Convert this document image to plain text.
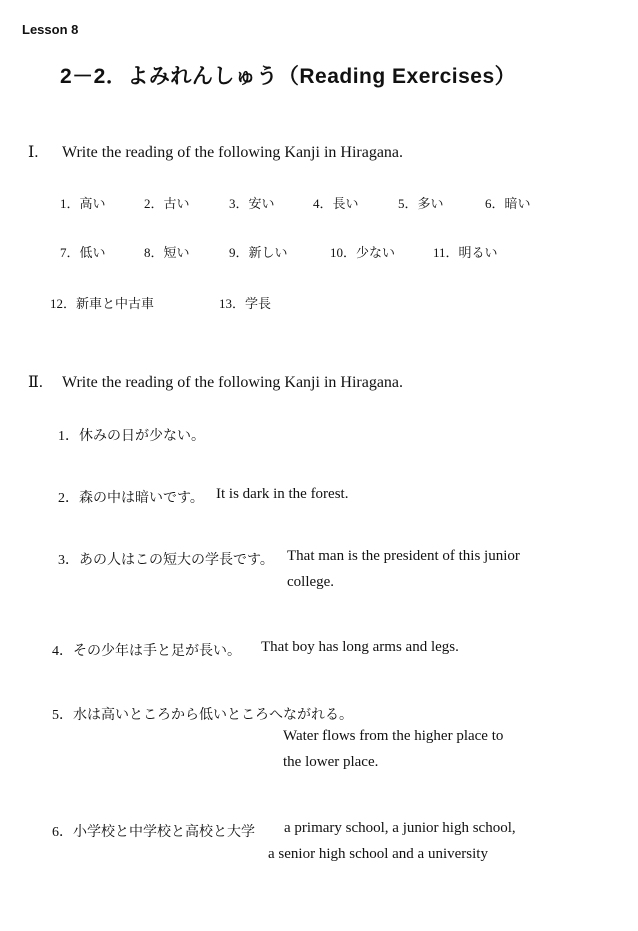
Lesson 8
2－2．よみれんしゅう（Reading Exercises）
Ⅰ. Write the reading of the following Kanji in Hiragana.
1．高い	2．古い	3．安い	4．長い	5．多い	6．暗い
7．低い	8．短い	9．新しい	10．少ない	11．明るい
12．新車と中古車	13．学長
Ⅱ. Write the reading of the following Kanji in Hiragana.
1．休みの日が少ない。
2．森の中は暗いです。 It is dark in the forest.
3．あの人はこの短大の学長です。 That man is the president of this junior
college.
4．その少年は手と足が長い。 That boy has long arms and legs.
5．水は高いところから低いところへながれる。
Water flows from the higher place to
the lower place.
6．小学校と中学校と高校と大学 a primary school, a junior high school,
a senior high school and a university
